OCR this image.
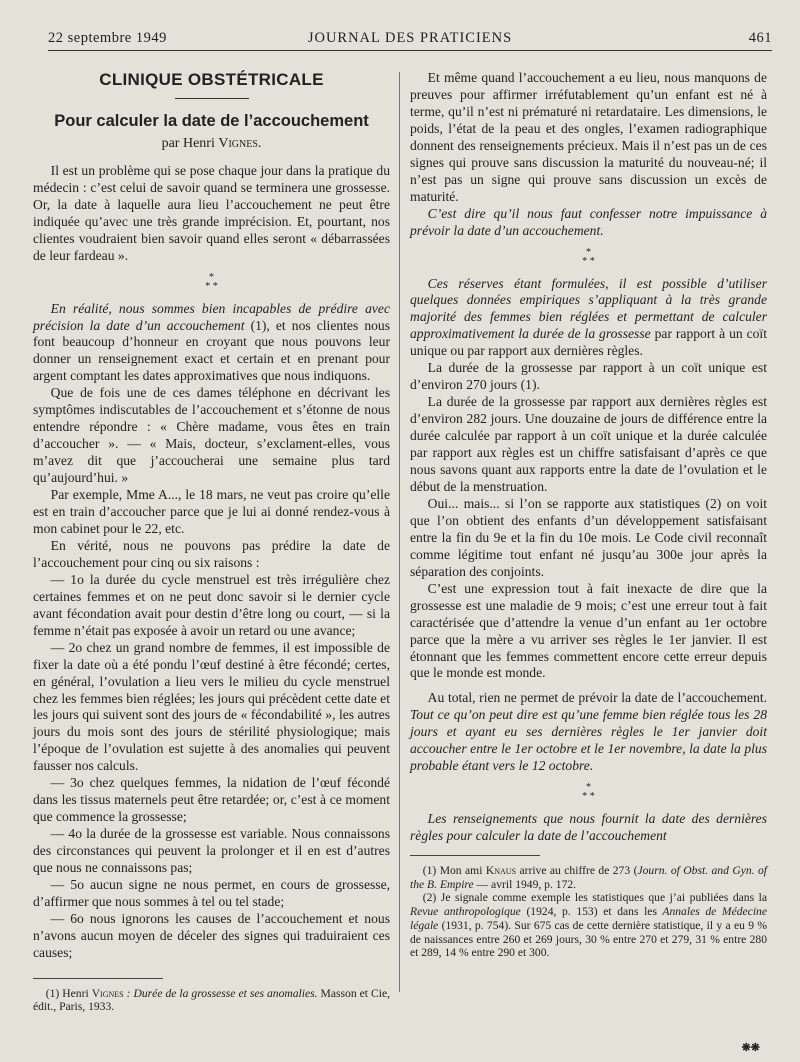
22 septembre 1949	JOURNAL DES PRATICIENS	461
CLINIQUE OBSTÉTRICALE
Pour calculer la date de l’accouchement
par Henri Vignes.

Il est un problème qui se pose chaque jour dans la pratique du médecin : c’est celui de savoir quand se terminera une grossesse. Or, la date à laquelle aura lieu l’accouchement ne peut être indiquée qu’avec une très grande imprécision. Et, pourtant, nos clientes voudraient bien savoir quand elles seront « débarrassées de leur fardeau ».

*
* *

En réalité, nous sommes bien incapables de prédire avec précision la date d’un accouchement (1), et nos clientes nous font beaucoup d’honneur en croyant que nous pouvons leur donner un renseignement exact et certain et en prenant pour argent comptant les dates approximatives que nous indiquons.

Que de fois une de ces dames téléphone en décrivant les symptômes indiscutables de l’accouchement et s’étonne de nous entendre répondre : « Chère madame, vous êtes en train d’accoucher ». — « Mais, docteur, s’exclament-elles, vous m’avez dit que j’accoucherai une semaine plus tard qu’aujourd’hui. »

Par exemple, Mme A..., le 18 mars, ne veut pas croire qu’elle est en train d’accoucher parce que je lui ai donné rendez-vous à mon cabinet pour le 22, etc.

En vérité, nous ne pouvons pas prédire la date de l’accouchement pour cinq ou six raisons :

— 1o la durée du cycle menstruel est très irrégulière chez certaines femmes et on ne peut donc savoir si le dernier cycle avant fécondation avait pour destin d’être long ou court, — si la femme n’était pas exposée à avoir un retard ou une avance;

— 2o chez un grand nombre de femmes, il est impossible de fixer la date où a été pondu l’œuf destiné à être fécondé; certes, en général, l’ovulation a lieu vers le milieu du cycle menstruel chez les femmes bien réglées; les jours qui précèdent cette date et les jours qui suivent sont des jours de « fécondabilité », les autres jours du mois sont des jours de stérilité physiologique; mais l’époque de l’ovulation est sujette à des anomalies qui peuvent fausser nos calculs.

— 3o chez quelques femmes, la nidation de l’œuf fécondé dans les tissus maternels peut être retardée; or, c’est à ce moment que commence la grossesse;

— 4o la durée de la grossesse est variable. Nous connaissons des circonstances qui peuvent la prolonger et il en est d’autres que nous ne connaissons pas;

— 5o aucun signe ne nous permet, en cours de grossesse, d’affirmer que nous sommes à tel ou tel stade;

— 6o nous ignorons les causes de l’accouchement et nous n’avons aucun moyen de déceler des signes qui traduiraient ces causes;

(1) Henri Vignes : Durée de la grossesse et ses anomalies. Masson et Cie, édit., Paris, 1933.

Et même quand l’accouchement a eu lieu, nous manquons de preuves pour affirmer irréfutablement qu’un enfant est né à terme, qu’il n’est ni prématuré ni retardataire. Les dimensions, le poids, l’état de la peau et des ongles, l’examen radiographique donnent des renseignements précieux. Mais il n’est pas un de ces signes qui prouve sans discussion la maturité du nouveau-né; il n’est pas un signe qui prouve sans discussion un excès de maturité.

C’est dire qu’il nous faut confesser notre impuissance à prévoir la date d’un accouchement.

*
* *

Ces réserves étant formulées, il est possible d’utiliser quelques données empiriques s’appliquant à la très grande majorité des femmes bien réglées et permettant de calculer approximativement la durée de la grossesse par rapport à un coït unique ou par rapport aux dernières règles.

La durée de la grossesse par rapport à un coït unique est d’environ 270 jours (1).

La durée de la grossesse par rapport aux dernières règles est d’environ 282 jours. Une douzaine de jours de différence entre la durée calculée par rapport à un coït unique et la durée calculée par rapport aux règles est un chiffre satisfaisant d’après ce que nous savons quant aux rapports entre la date de l’ovulation et le début de la menstruation.

Oui... mais... si l’on se rapporte aux statistiques (2) on voit que l’on obtient des enfants d’un développement satisfaisant entre la fin du 9e et la fin du 10e mois. Le Code civil reconnaît comme légitime tout enfant né jusqu’au 300e jour après la séparation des conjoints.

C’est une expression tout à fait inexacte de dire que la grossesse est une maladie de 9 mois; c’est une erreur tout à fait caractérisée que d’attendre la venue d’un enfant au 1er octobre parce que la mère a vu arriver ses règles le 1er janvier. Il est étonnant que les femmes commettent encore cette erreur depuis que le monde est monde.

Au total, rien ne permet de prévoir la date de l’accouchement. Tout ce qu’on peut dire est qu’une femme bien réglée tous les 28 jours et ayant eu ses dernières règles le 1er janvier doit accoucher entre le 1er octobre et le 1er novembre, la date la plus probable étant vers le 12 octobre.

*
* *

Les renseignements que nous fournit la date des dernières règles pour calculer la date de l’accouchement

(1) Mon ami Knaus arrive au chiffre de 273 (Journ. of Obst. and Gyn. of the B. Empire — avril 1949, p. 172.

(2) Je signale comme exemple les statistiques que j’ai publiées dans la Revue anthropologique (1924, p. 153) et dans les Annales de Médecine légale (1931, p. 754). Sur 675 cas de cette dernière statistique, il y a eu 9 % de naissances entre 260 et 269 jours, 30 % entre 270 et 279, 31 % entre 280 et 289, 14 % entre 290 et 300.

❋❋
